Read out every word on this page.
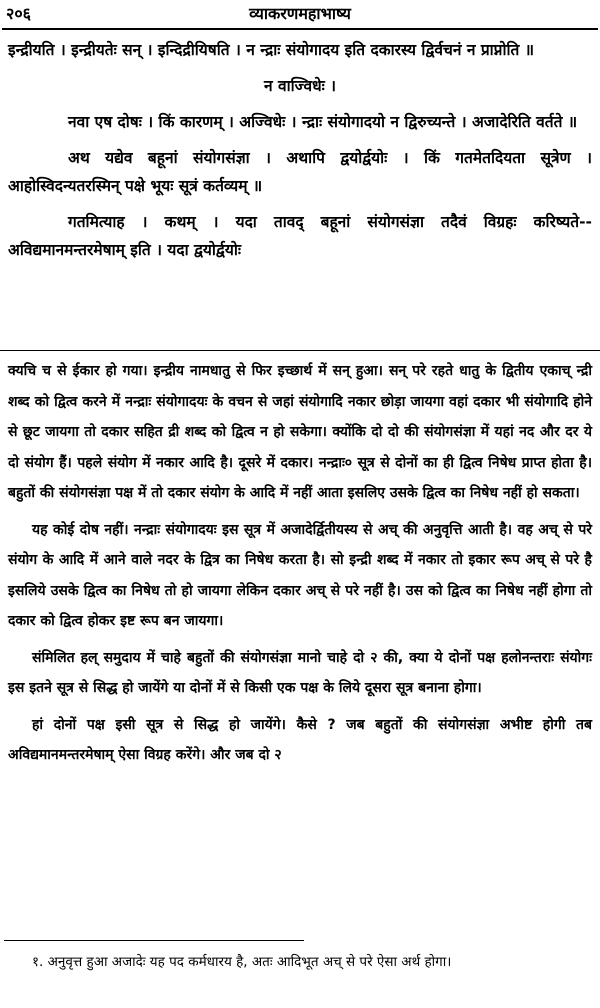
२०६	व्याकरणमहाभाष्य

इन्द्रीयति । इन्द्रीयतेः सन् । इन्दिद्रीयिषति । न न्द्राः संयोगादय इति दकारस्य द्विर्वचनं न प्राप्नोति ॥

न वाज्विधेः ।

नवा एष दोषः । किं कारणम् । अज्विधेः । न्द्राः संयोगादयो न द्विरुच्यन्ते । अजादेरिति वर्तते ॥

अथ यद्येव बहूनां संयोगसंज्ञा । अथापि द्वयोर्द्वयोः । किं गतमेतदियता सूत्रेण । आहोस्विदन्यतरस्मिन् पक्षे भूयः सूत्रं कर्तव्यम् ॥

गतमित्याह । कथम् । यदा तावद् बहूनां संयोगसंज्ञा तदैवं विग्रहः करिष्यते--अविद्यमानमन्तरमेषाम् इति । यदा द्वयोर्द्वयोः

क्यचि च से ईकार हो गया। इन्द्रीय नामधातु से फिर इच्छार्थ में सन् हुआ। सन् परे रहते धातु के द्वितीय एकाच् न्द्री शब्द को द्वित्व करने में नन्द्राः संयोगादयः के वचन से जहां संयोगादि नकार छोड़ा जायगा वहां दकार भी संयोगादि होने से छूट जायगा तो दकार सहित द्री शब्द को द्वित्व न हो सकेगा। क्योंकि दो दो की संयोगसंज्ञा में यहां नद और दर ये दो संयोग हैं। पहले संयोग में नकार आदि है। दूसरे में दकार। नन्द्राः० सूत्र से दोनों का ही द्वित्व निषेध प्राप्त होता है। बहुतों की संयोगसंज्ञा पक्ष में तो दकार संयोग के आदि में नहीं आता इसलिए उसके द्वित्व का निषेध नहीं हो सकता।

यह कोई दोष नहीं। नन्द्राः संयोगादयः इस सूत्र में अजादेर्द्वितीयस्य से अच् की अनुवृत्ति आती है। वह अच् से परे संयोग के आदि में आने वाले नदर के द्वित्र का निषेध करता है। सो इन्द्री शब्द में नकार तो इकार रूप अच् से परे है इसलिये उसके द्वित्व का निषेध तो हो जायगा लेकिन दकार अच् से परे नहीं है। उस को द्वित्व का निषेध नहीं होगा तो दकार को द्वित्व होकर इष्ट रूप बन जायगा।

संमिलित हल् समुदाय में चाहे बहुतों की संयोगसंज्ञा मानो चाहे दो २ की, क्या ये दोनों पक्ष हलोनन्तराः संयोगः इस इतने सूत्र से सिद्ध हो जायेंगे या दोनों में से किसी एक पक्ष के लिये दूसरा सूत्र बनाना होगा।

हां दोनों पक्ष इसी सूत्र से सिद्ध हो जायेंगे। कैसे ? जब बहुतों की संयोगसंज्ञा अभीष्ट होगी तब अविद्यमानमन्तरमेषाम् ऐसा विग्रह करेंगे। और जब दो २

१. अनुवृत्त हुआ अजादेः यह पद कर्मधारय है, अतः आदिभूत अच् से परे ऐसा अर्थ होगा।
